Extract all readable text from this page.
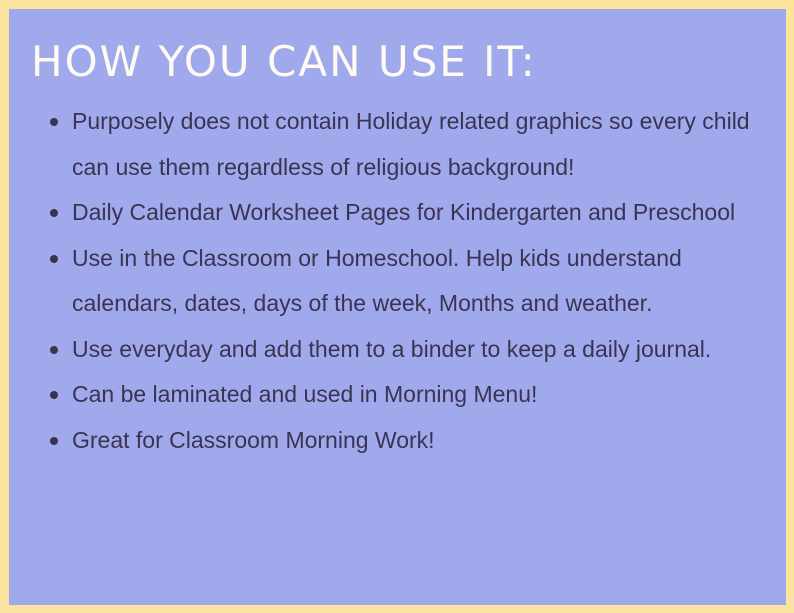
HOW YOU CAN USE IT:
Purposely does not contain Holiday related graphics so every child can use them regardless of religious background!
Daily Calendar Worksheet Pages for Kindergarten and Preschool
Use in the Classroom or Homeschool. Help kids understand calendars, dates, days of the week, Months and weather.
Use everyday and add them to a binder to keep a daily journal.
Can be laminated and used in Morning Menu!
Great for Classroom Morning Work!
